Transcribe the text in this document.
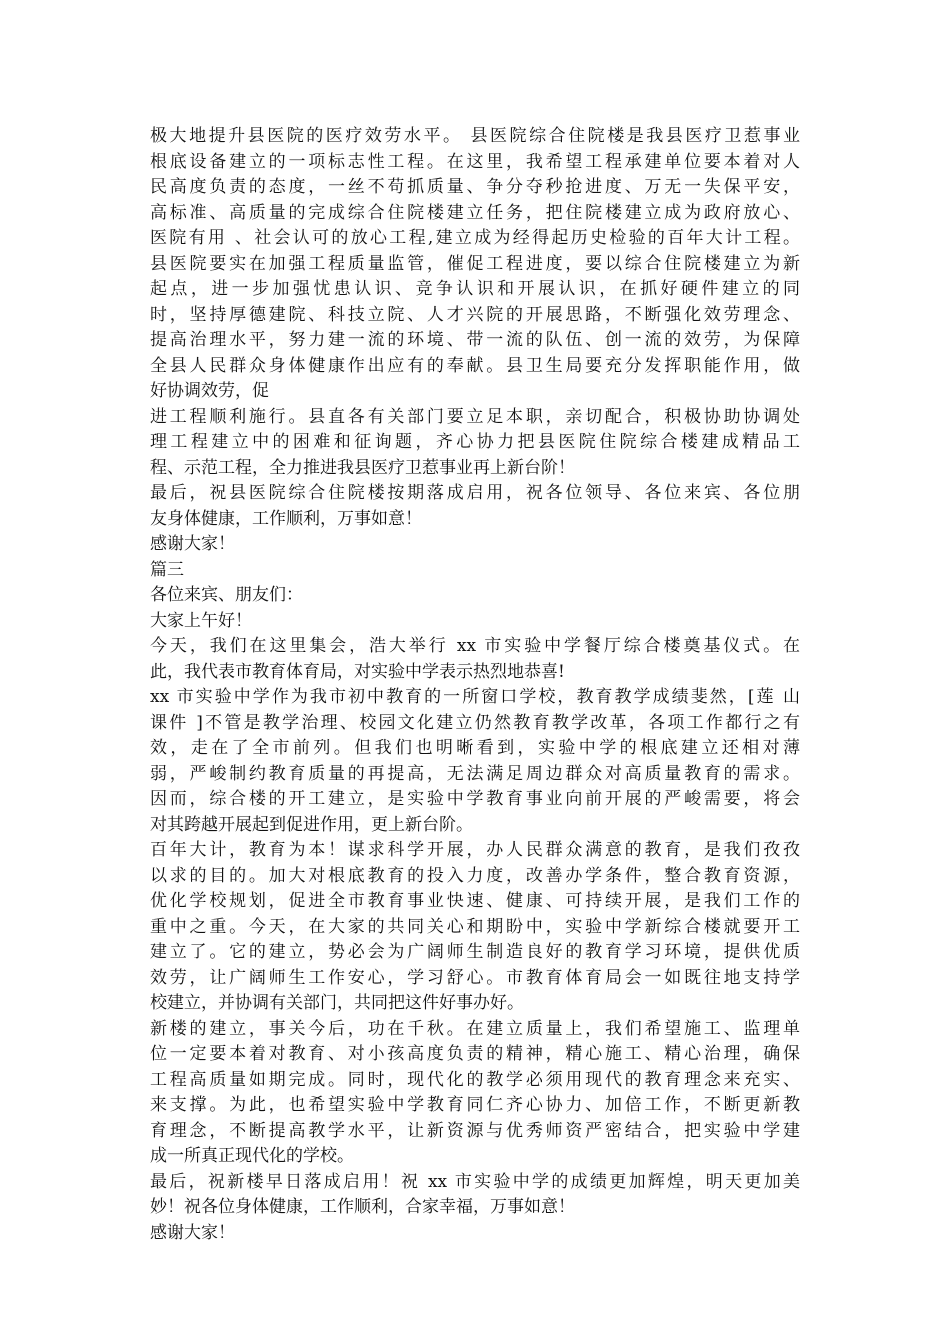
极大地提升县医院的医疗效劳水平。 县医院综合住院楼是我县医疗卫惹事业
根底设备建立的一项标志性工程。在这里，我希望工程承建单位要本着对人
民高度负责的态度，一丝不苟抓质量、争分夺秒抢进度、万无一失保平安，
高标准、高质量的完成综合住院楼建立任务，把住院楼建立成为政府放心、
医院有用 、社会认可的放心工程,建立成为经得起历史检验的百年大计工程。
县医院要实在加强工程质量监管，催促工程进度，要以综合住院楼建立为新
起点，进一步加强忧患认识、竞争认识和开展认识，在抓好硬件建立的同
时，坚持厚德建院、科技立院、人才兴院的开展思路，不断强化效劳理念、
提高治理水平，努力建一流的环境、带一流的队伍、创一流的效劳，为保障
全县人民群众身体健康作出应有的奉献。县卫生局要充分发挥职能作用，做
好协调效劳，促
进工程顺利施行。县直各有关部门要立足本职，亲切配合，积极协助协调处
理工程建立中的困难和征询题，齐心协力把县医院住院综合楼建成精品工
程、示范工程，全力推进我县医疗卫惹事业再上新台阶！
最后，祝县医院综合住院楼按期落成启用，祝各位领导、各位来宾、各位朋
友身体健康，工作顺利，万事如意！
感谢大家！
篇三
各位来宾、朋友们：
大家上午好！
今天，我们在这里集会，浩大举行 xx 市实验中学餐厅综合楼奠基仪式。在
此，我代表市教育体育局，对实验中学表示热烈地恭喜!
xx 市实验中学作为我市初中教育的一所窗口学校，教育教学成绩斐然，[莲 山
课件 ]不管是教学治理、校园文化建立仍然教育教学改革，各项工作都行之有
效，走在了全市前列。但我们也明晰看到，实验中学的根底建立还相对薄
弱，严峻制约教育质量的再提高，无法满足周边群众对高质量教育的需求。
因而，综合楼的开工建立，是实验中学教育事业向前开展的严峻需要，将会
对其跨越开展起到促进作用，更上新台阶。
百年大计，教育为本！谋求科学开展，办人民群众满意的教育，是我们孜孜
以求的目的。加大对根底教育的投入力度，改善办学条件，整合教育资源，
优化学校规划，促进全市教育事业快速、健康、可持续开展，是我们工作的
重中之重。今天，在大家的共同关心和期盼中，实验中学新综合楼就要开工
建立了。它的建立，势必会为广阔师生制造良好的教育学习环境，提供优质
效劳，让广阔师生工作安心，学习舒心。市教育体育局会一如既往地支持学
校建立，并协调有关部门，共同把这件好事办好。
新楼的建立，事关今后，功在千秋。在建立质量上，我们希望施工、监理单
位一定要本着对教育、对小孩高度负责的精神，精心施工、精心治理，确保
工程高质量如期完成。同时，现代化的教学必须用现代的教育理念来充实、
来支撑。为此，也希望实验中学教育同仁齐心协力、加倍工作，不断更新教
育理念，不断提高教学水平，让新资源与优秀师资严密结合，把实验中学建
成一所真正现代化的学校。
最后，祝新楼早日落成启用！祝 xx 市实验中学的成绩更加辉煌，明天更加美
妙！祝各位身体健康，工作顺利，合家幸福，万事如意！
感谢大家！
